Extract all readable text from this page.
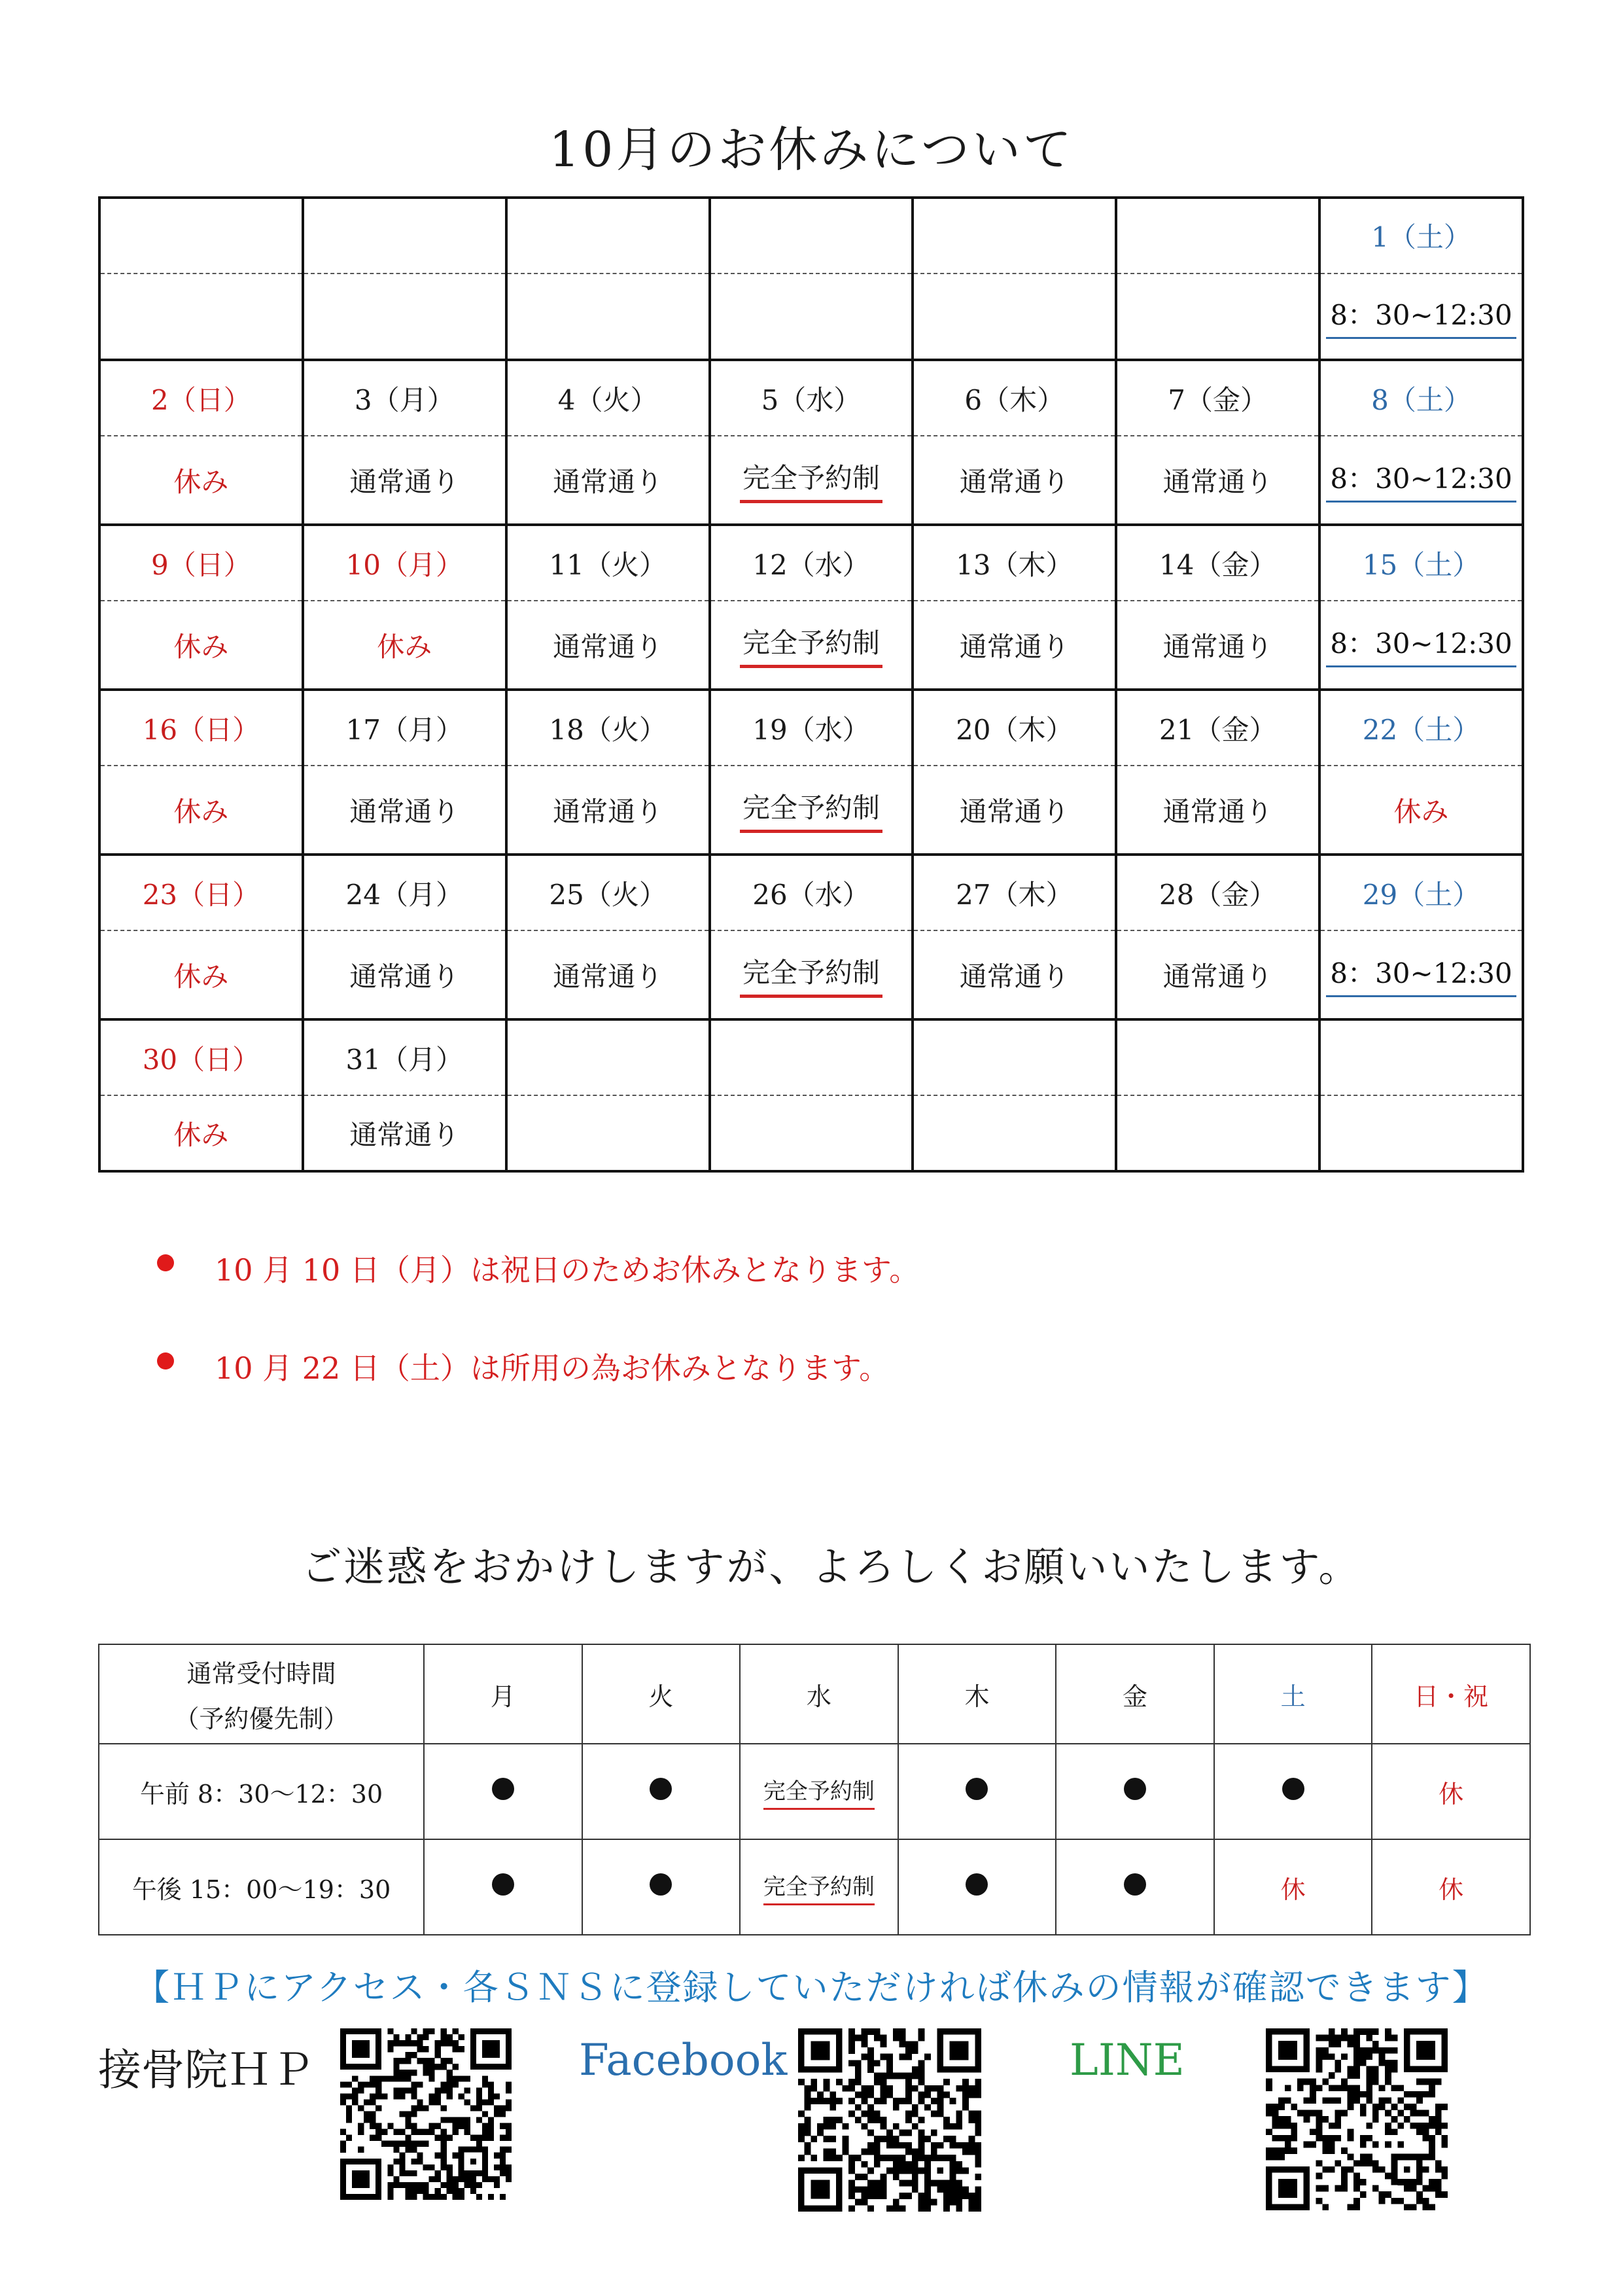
10月のお休みについて
						1（土）
						8：30~12:30
2（日）	3（月）	4（火）	5（水）	6（木）	7（金）	8（土）
休み	通常通り	通常通り	完全予約制	通常通り	通常通り	8：30~12:30
9（日）	10（月）	11（火）	12（水）	13（木）	14（金）	15（土）
休み	休み	通常通り	完全予約制	通常通り	通常通り	8：30~12:30
16（日）	17（月）	18（火）	19（水）	20（木）	21（金）	22（土）
休み	通常通り	通常通り	完全予約制	通常通り	通常通り	休み
23（日）	24（月）	25（火）	26（水）	27（木）	28（金）	29（土）
休み	通常通り	通常通り	完全予約制	通常通り	通常通り	8：30~12:30
30（日）	31（月）					
休み	通常通り					
10 月 10 日（月）は祝日のためお休みとなります。
10 月 22 日（土）は所用の為お休みとなります。
ご迷惑をおかけしますが、よろしくお願いいたします。
通常受付時間
（予約優先制）	月	火	水	木	金	土	日・祝
午前 8：30〜12：30			完全予約制				休
午後 15：00〜19：30			完全予約制			休	休
【ＨＰにアクセス・各ＳＮＳに登録していただければ休みの情報が確認できます】
接骨院ＨＰ	Facebook	LINE
